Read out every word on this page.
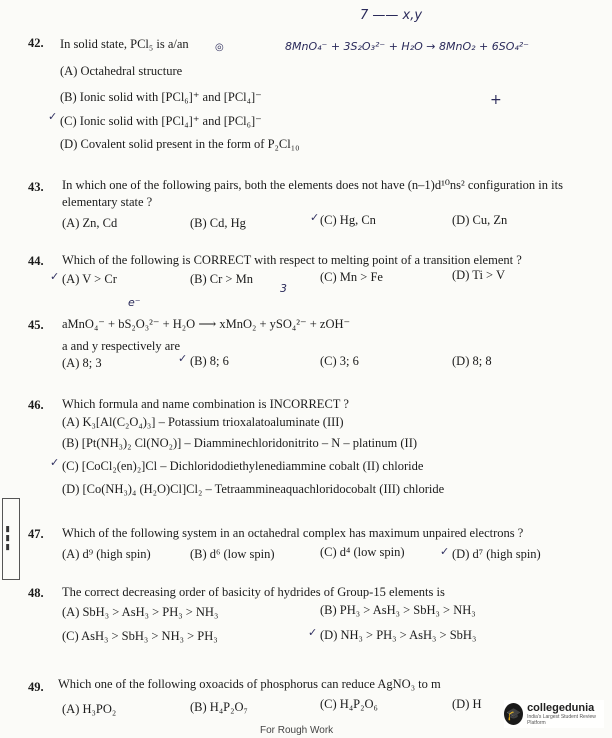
7 —— x,y
8MnO₄⁻ + 3S₂O₃²⁻ + H₂O → 8MnO₂ + 6SO₄²⁻
+
◎
42. In solid state, PCl₅ is a/an
(A) Octahedral structure
(B) Ionic solid with [PCl₆]⁺ and [PCl₄]⁻
(C) Ionic solid with [PCl₄]⁺ and [PCl₆]⁻
✓
(D) Covalent solid present in the form of P₂Cl₁₀
43. In which one of the following pairs, both the elements does not have (n–1)d¹⁰ns² configuration in its elementary state ?
(A) Zn, Cd	(B) Cd, Hg	(C) Hg, Cn
✓	(D) Cu, Zn
44. Which of the following is CORRECT with respect to melting point of a transition element ?
(A) V > Cr
✓	(B) Cr > Mn	(C) Mn > Fe	(D) Ti > V
e⁻
3
45. aMnO₄⁻ + bS₂O₃²⁻ + H₂O ⟶ xMnO₂ + ySO₄²⁻ + zOH⁻
a and y respectively are
(A) 8; 3	(B) 8; 6
✓	(C) 3; 6	(D) 8; 8
46. Which formula and name combination is INCORRECT ?
(A) K₃[Al(C₂O₄)₃] – Potassium trioxalatoaluminate (III)
(B) [Pt(NH₃)₂ Cl(NO₂)] – Diamminechloridonitrito – N – platinum (II)
(C) [CoCl₂(en)₂]Cl – Dichloridodiethylenediammine cobalt (II) chloride
✓
(D) [Co(NH₃)₄ (H₂O)Cl]Cl₂ – Tetraammineaquachloridocobalt (III) chloride
▮▮▮	47. Which of the following system in an octahedral complex has maximum unpaired electrons ?
(A) d⁹ (high spin)	(B) d⁶ (low spin)	(C) d⁴ (low spin)	(D) d⁷ (high spin)
✓
48. The correct decreasing order of basicity of hydrides of Group-15 elements is
(A) SbH₃ > AsH₃ > PH₃ > NH₃	(B) PH₃ > AsH₃ > SbH₃ > NH₃
(C) AsH₃ > SbH₃ > NH₃ > PH₃	(D) NH₃ > PH₃ > AsH₃ > SbH₃
✓
49. Which one of the following oxoacids of phosphorus can reduce AgNO₃ to m
(A) H₃PO₂	(B) H₄P₂O₇	(C) H₄P₂O₆	(D) H
For Rough Work
🎓 collegedunia
India's Largest Student Review Platform
